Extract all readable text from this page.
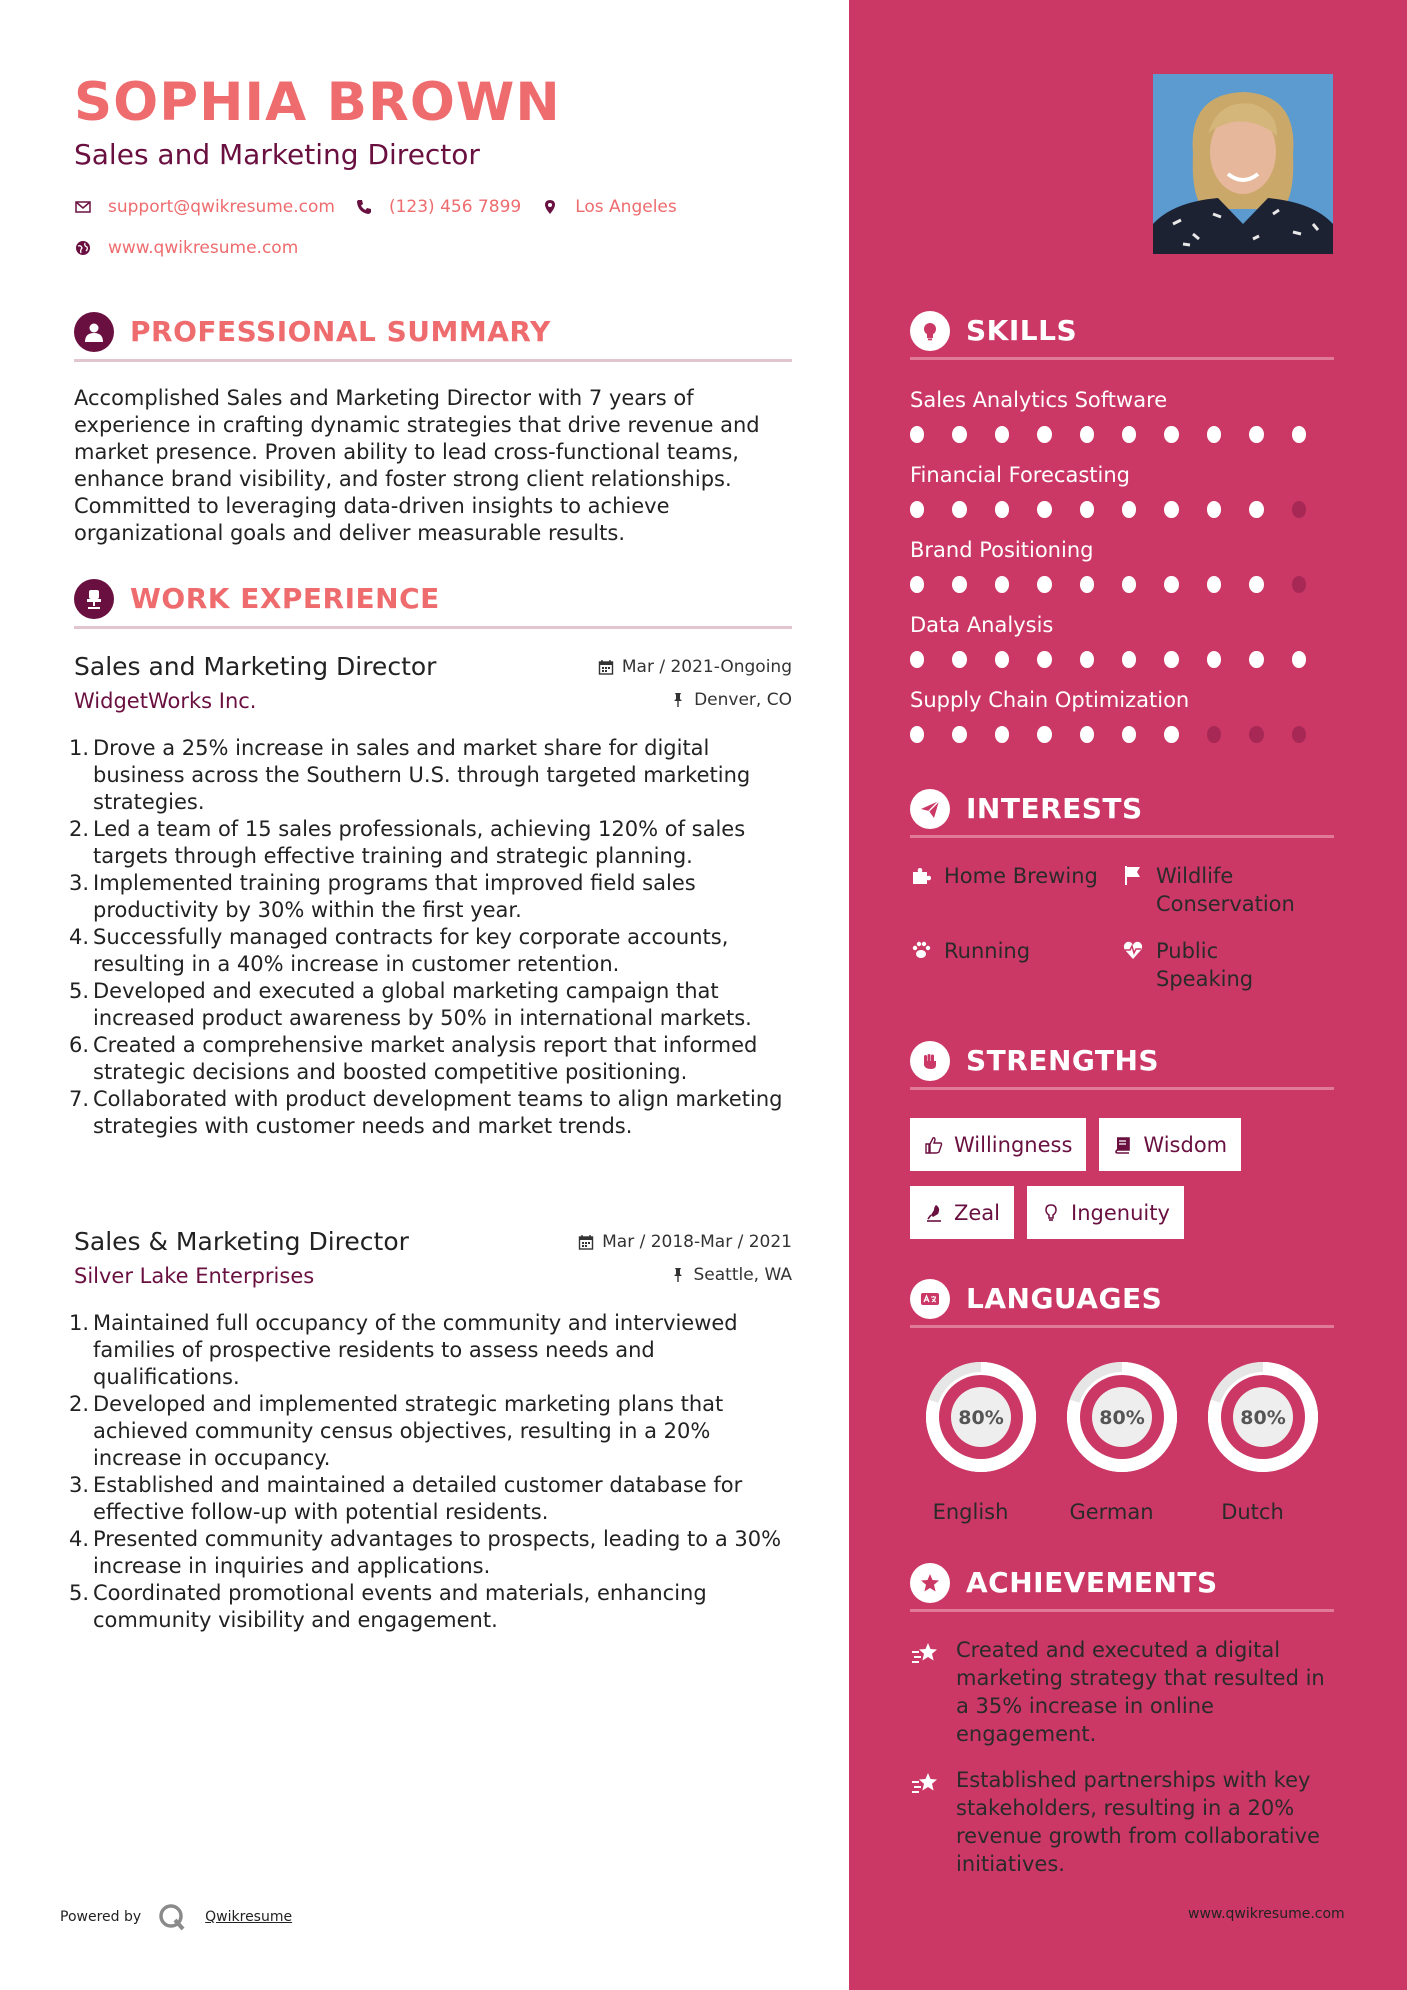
SOPHIA BROWN
Sales and Marketing Director
support@qwikresume.com	(123) 456 7899	Los Angeles
www.qwikresume.com
PROFESSIONAL SUMMARY
Accomplished Sales and Marketing Director with 7 years of experience in crafting dynamic strategies that drive revenue and market presence. Proven ability to lead cross-functional teams, enhance brand visibility, and foster strong client relationships. Committed to leveraging data-driven insights to achieve organizational goals and deliver measurable results.
WORK EXPERIENCE
Sales and Marketing Director	Mar / 2021-Ongoing
WidgetWorks Inc.	Denver, CO
1. Drove a 25% increase in sales and market share for digital business across the Southern U.S. through targeted marketing strategies.
2. Led a team of 15 sales professionals, achieving 120% of sales targets through effective training and strategic planning.
3. Implemented training programs that improved field sales productivity by 30% within the first year.
4. Successfully managed contracts for key corporate accounts, resulting in a 40% increase in customer retention.
5. Developed and executed a global marketing campaign that increased product awareness by 50% in international markets.
6. Created a comprehensive market analysis report that informed strategic decisions and boosted competitive positioning.
7. Collaborated with product development teams to align marketing strategies with customer needs and market trends.
Sales & Marketing Director	Mar / 2018-Mar / 2021
Silver Lake Enterprises	Seattle, WA
1. Maintained full occupancy of the community and interviewed families of prospective residents to assess needs and qualifications.
2. Developed and implemented strategic marketing plans that achieved community census objectives, resulting in a 20% increase in occupancy.
3. Established and maintained a detailed customer database for effective follow-up with potential residents.
4. Presented community advantages to prospects, leading to a 30% increase in inquiries and applications.
5. Coordinated promotional events and materials, enhancing community visibility and engagement.
Powered by	Qwikresume
SKILLS
Sales Analytics Software
Financial Forecasting
Brand Positioning
Data Analysis
Supply Chain Optimization
INTERESTS
Home Brewing	Wildlife Conservation
Running	Public Speaking
STRENGTHS
Willingness	Wisdom
Zeal	Ingenuity
LANGUAGES
80%
English
80%
German
80%
Dutch
ACHIEVEMENTS
Created and executed a digital marketing strategy that resulted in a 35% increase in online engagement.
Established partnerships with key stakeholders, resulting in a 20% revenue growth from collaborative initiatives.
www.qwikresume.com
